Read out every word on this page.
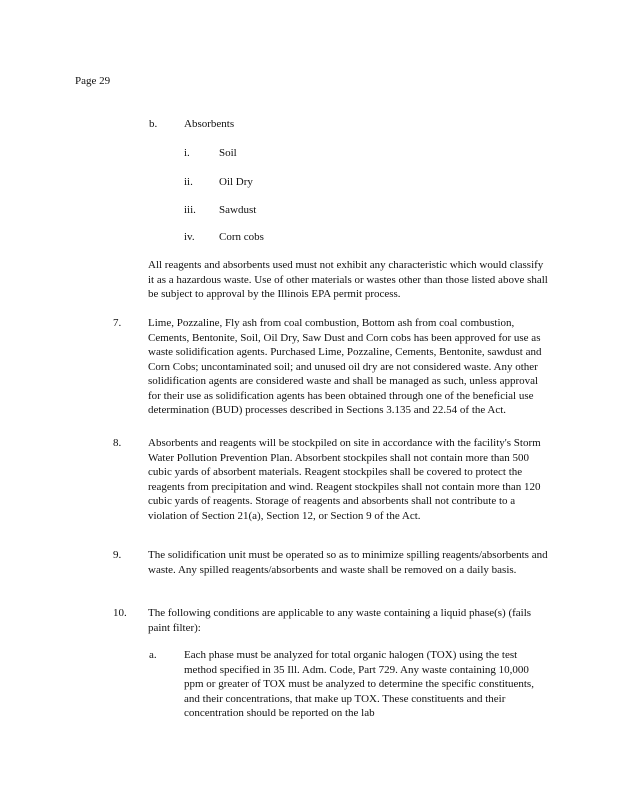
Page 29
b. Absorbents
i.	Soil
ii. Oil Dry
iii. Sawdust
iv. Corn cobs
All reagents and absorbents used must not exhibit any characteristic which would classify it as a hazardous waste. Use of other materials or wastes other than those listed above shall be subject to approval by the Illinois EPA permit process.
7. Lime, Pozzaline, Fly ash from coal combustion, Bottom ash from coal combustion, Cements, Bentonite, Soil, Oil Dry, Saw Dust and Corn cobs has been approved for use as waste solidification agents. Purchased Lime, Pozzaline, Cements, Bentonite, sawdust and Corn Cobs; uncontaminated soil; and unused oil dry are not considered waste. Any other solidification agents are considered waste and shall be managed as such, unless approval for their use as solidification agents has been obtained through one of the beneficial use determination (BUD) processes described in Sections 3.135 and 22.54 of the Act.
8. Absorbents and reagents will be stockpiled on site in accordance with the facility's Storm Water Pollution Prevention Plan. Absorbent stockpiles shall not contain more than 500 cubic yards of absorbent materials. Reagent stockpiles shall be covered to protect the reagents from precipitation and wind. Reagent stockpiles shall not contain more than 120 cubic yards of reagents. Storage of reagents and absorbents shall not contribute to a violation of Section 21(a), Section 12, or Section 9 of the Act.
9. The solidification unit must be operated so as to minimize spilling reagents/absorbents and waste. Any spilled reagents/absorbents and waste shall be removed on a daily basis.
10. The following conditions are applicable to any waste containing a liquid phase(s) (fails paint filter):
a. Each phase must be analyzed for total organic halogen (TOX) using the test method specified in 35 Ill. Adm. Code, Part 729. Any waste containing 10,000 ppm or greater of TOX must be analyzed to determine the specific constituents, and their concentrations, that make up TOX. These constituents and their concentration should be reported on the lab
